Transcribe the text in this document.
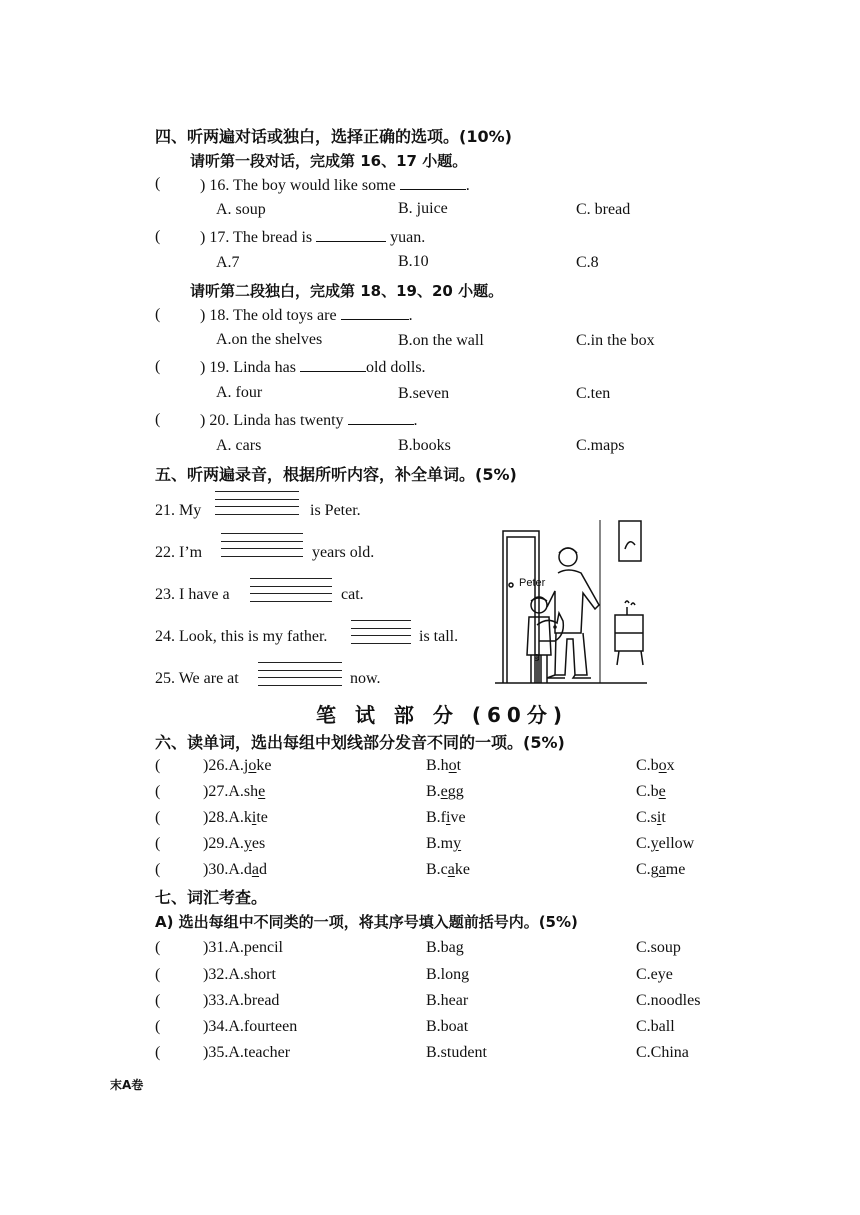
四、听两遍对话或独白，选择正确的选项。(10%)
请听第一段对话，完成第 16、17 小题。
( ) 16. The boy would like some	.
A. soup	B. juice	C. bread
( ) 17. The bread is	yuan.
A.7	B.10	C.8
请听第二段独白，完成第 18、19、20 小题。
( ) 18. The old toys are	.
A.on the shelves	B.on the wall	C.in the box
( ) 19. Linda has	old dolls.
A. four	B.seven	C.ten
( ) 20. Linda has twenty	.
A. cars	B.books	C.maps
五、听两遍录音，根据所听内容，补全单词。(5%)
21. My	is Peter.
22. I’m	years old.
23. I have a	cat.
24. Look, this is my father.	is tall.
25. We are at	now.
Peter
9
笔 试 部 分 (60分)
六、读单词，选出每组中划线部分发音不同的一项。(5%)
(	)26.A.joke	B.hot	C.box
(	)27.A.she	B.egg	C.be
(	)28.A.kite	B.five	C.sit
(	)29.A.yes	B.my	C.yellow
(	)30.A.dad	B.cake	C.game
七、词汇考查。
A) 选出每组中不同类的一项，将其序号填入题前括号内。(5%)
(	)31.A.pencil	B.bag	C.soup
(	)32.A.short	B.long	C.eye
(	)33.A.bread	B.hear	C.noodles
(	)34.A.fourteen	B.boat	C.ball
(	)35.A.teacher	B.student	C.China
末A卷
